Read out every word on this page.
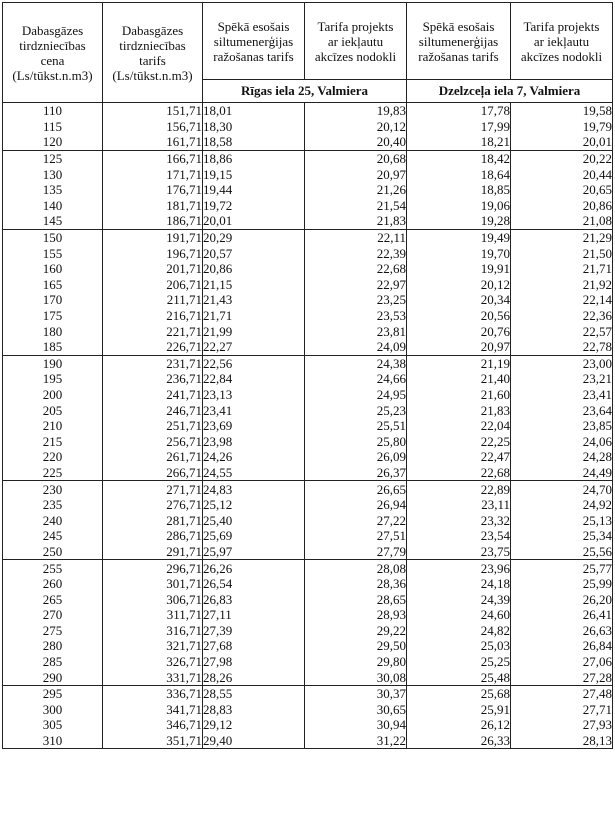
Dabasgāzes
tirdzniecības
cena
(Ls/tūkst.n.m3)	Dabasgāzes
tirdzniecības
tarifs
(Ls/tūkst.n.m3)	Spēkā esošais
siltumenerģijas
ražošanas tarifs	Tarifa projekts
ar iekļautu
akcīzes nodokli	Spēkā esošais
siltumenerģijas
ražošanas tarifs	Tarifa projekts
ar iekļautu
akcīzes nodokli
		Rīgas iela 25, Valmiera		Dzelzceļa iela 7, Valmiera	
110	151,71	18,01	19,83	17,78	19,58
115	156,71	18,30	20,12	17,99	19,79
120	161,71	18,58	20,40	18,21	20,01
125	166,71	18,86	20,68	18,42	20,22
130	171,71	19,15	20,97	18,64	20,44
135	176,71	19,44	21,26	18,85	20,65
140	181,71	19,72	21,54	19,06	20,86
145	186,71	20,01	21,83	19,28	21,08
150	191,71	20,29	22,11	19,49	21,29
155	196,71	20,57	22,39	19,70	21,50
160	201,71	20,86	22,68	19,91	21,71
165	206,71	21,15	22,97	20,12	21,92
170	211,71	21,43	23,25	20,34	22,14
175	216,71	21,71	23,53	20,56	22,36
180	221,71	21,99	23,81	20,76	22,57
185	226,71	22,27	24,09	20,97	22,78
190	231,71	22,56	24,38	21,19	23,00
195	236,71	22,84	24,66	21,40	23,21
200	241,71	23,13	24,95	21,60	23,41
205	246,71	23,41	25,23	21,83	23,64
210	251,71	23,69	25,51	22,04	23,85
215	256,71	23,98	25,80	22,25	24,06
220	261,71	24,26	26,09	22,47	24,28
225	266,71	24,55	26,37	22,68	24,49
230	271,71	24,83	26,65	22,89	24,70
235	276,71	25,12	26,94	23,11	24,92
240	281,71	25,40	27,22	23,32	25,13
245	286,71	25,69	27,51	23,54	25,34
250	291,71	25,97	27,79	23,75	25,56
255	296,71	26,26	28,08	23,96	25,77
260	301,71	26,54	28,36	24,18	25,99
265	306,71	26,83	28,65	24,39	26,20
270	311,71	27,11	28,93	24,60	26,41
275	316,71	27,39	29,22	24,82	26,63
280	321,71	27,68	29,50	25,03	26,84
285	326,71	27,98	29,80	25,25	27,06
290	331,71	28,26	30,08	25,48	27,28
295	336,71	28,55	30,37	25,68	27,48
300	341,71	28,83	30,65	25,91	27,71
305	346,71	29,12	30,94	26,12	27,93
310	351,71	29,40	31,22	26,33	28,13
